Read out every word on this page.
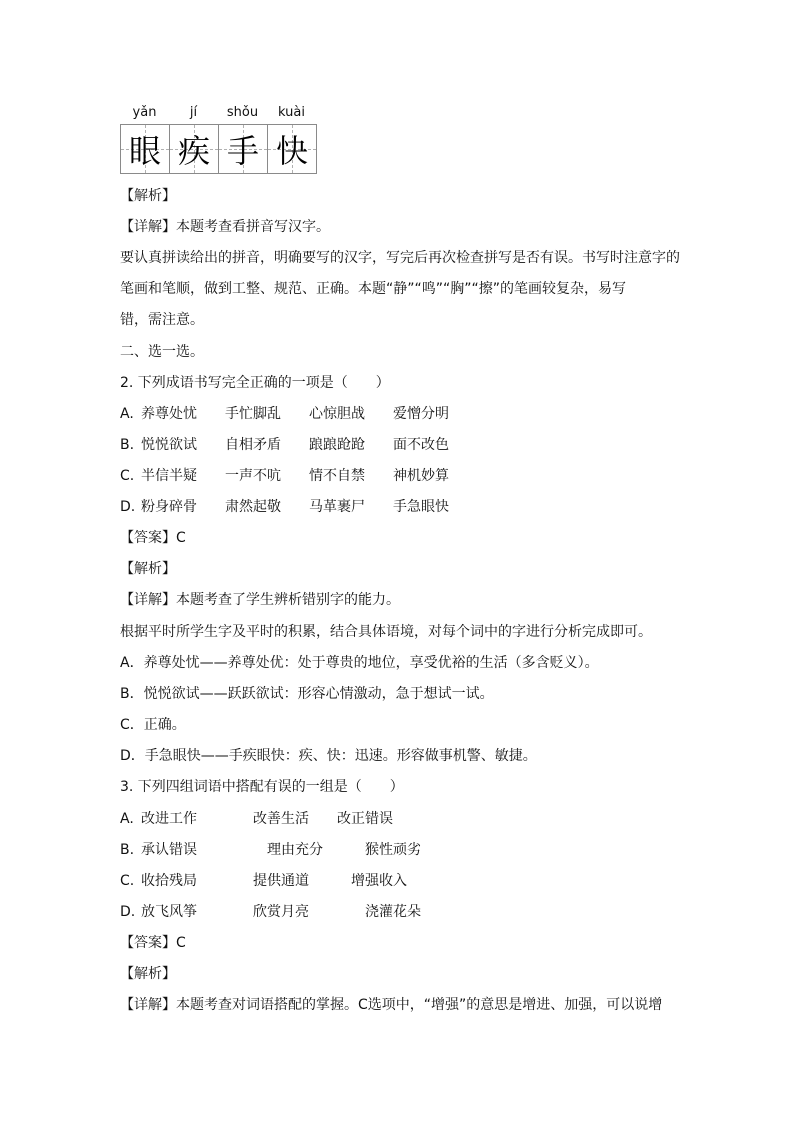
yǎn	jí	shǒu	kuài
眼 疾 手 快
【解析】
【详解】本题考查看拼音写汉字。
要认真拼读给出的拼音，明确要写的汉字，写完后再次检查拼写是否有误。书写时注意字的
笔画和笔顺，做到工整、规范、正确。本题“静”“鸣”“胸”“擦”的笔画较复杂，易写
错，需注意。
二、选一选。
2. 下列成语书写完全正确的一项是（　　）
A. 养尊处忧 手忙脚乱 心惊胆战 爱憎分明
B. 悦悦欲试 自相矛盾 踉踉跄跄 面不改色
C. 半信半疑 一声不吭 情不自禁 神机妙算
D. 粉身碎骨 肃然起敬 马革裹尸 手急眼快
【答案】C
【解析】
【详解】本题考查了学生辨析错别字的能力。
根据平时所学生字及平时的积累，结合具体语境，对每个词中的字进行分析完成即可。
A．养尊处忧——养尊处优：处于尊贵的地位，享受优裕的生活（多含贬义）。
B．悦悦欲试——跃跃欲试：形容心情激动，急于想试一试。
C．正确。
D．手急眼快——手疾眼快：疾、快：迅速。形容做事机警、敏捷。
3. 下列四组词语中搭配有误的一组是（　　）
A. 改进工作	改善生活 改正错误
B. 承认错误	理由充分	猴性顽劣
C. 收拾残局	提供通道	增强收入
D. 放飞风筝	欣赏月亮	浇灌花朵
【答案】C
【解析】
【详解】本题考查对词语搭配的掌握。C选项中，“增强”的意思是增进、加强，可以说增
